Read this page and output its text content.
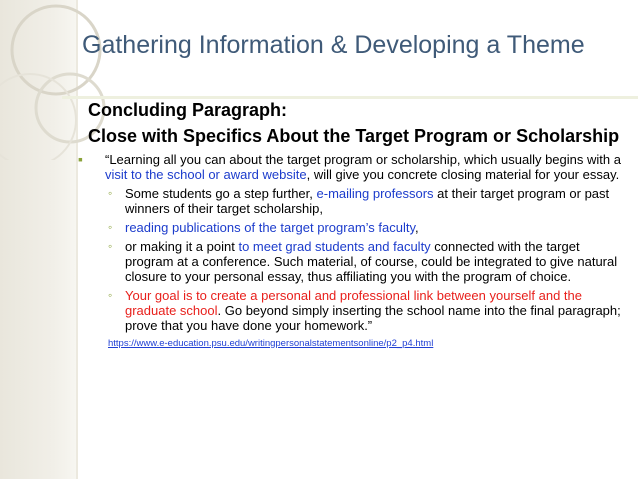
Gathering Information & Developing a Theme

Concluding Paragraph:

Close with Specifics About the Target Program or Scholarship

▪ “Learning all you can about the target program or scholarship, which usually begins with a visit to the school or award website, will give you concrete closing material for your essay.
◦ Some students go a step further, e-mailing professors at their target program or past winners of their target scholarship,
◦ reading publications of the target program’s faculty,
◦ or making it a point to meet grad students and faculty connected with the target program at a conference. Such material, of course, could be integrated to give natural closure to your personal essay, thus affiliating you with the program of choice.
◦ Your goal is to create a personal and professional link between yourself and the graduate school. Go beyond simply inserting the school name into the final paragraph; prove that you have done your homework.”
https://www.e-education.psu.edu/writingpersonalstatementsonline/p2_p4.html
